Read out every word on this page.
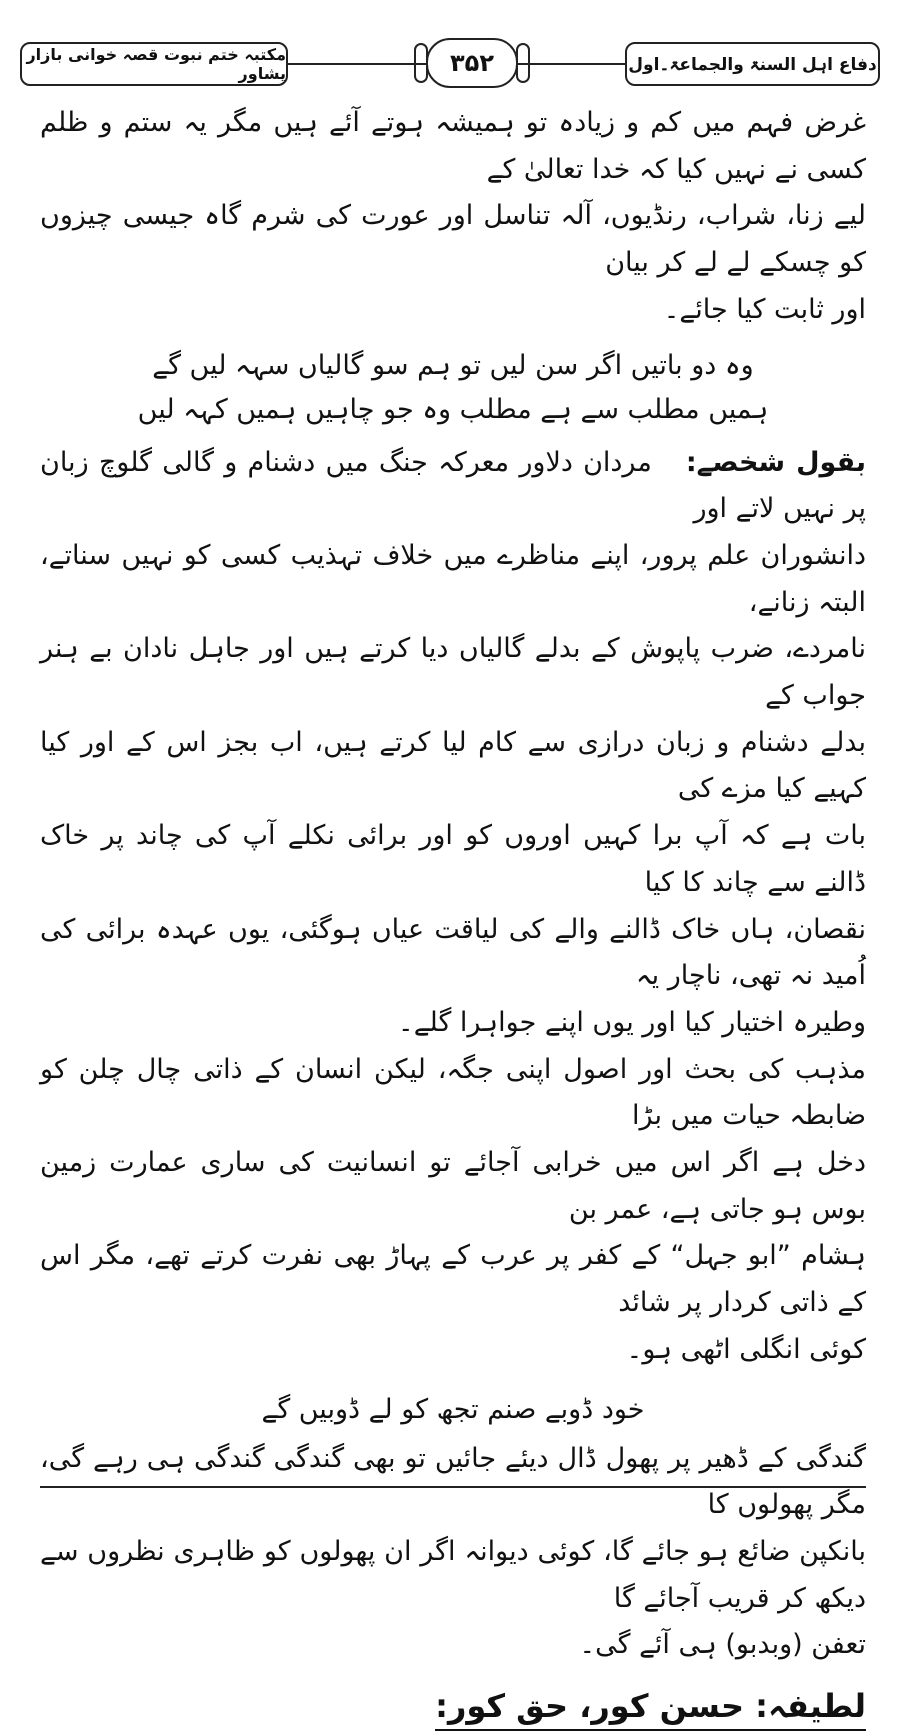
دفاع اہل السنۃ والجماعۃ۔اول
۳۵۲
مکتبہ ختم نبوت قصہ خوانی بازار پشاور

غرض فہم میں کم و زیادہ تو ہمیشہ ہوتے آئے ہیں مگر یہ ستم و ظلم کسی نے نہیں کیا کہ خدا تعالیٰ کے
لیے زنا، شراب، رنڈیوں، آلہ تناسل اور عورت کی شرم گاہ جیسی چیزوں کو چسکے لے لے کر بیان
اور ثابت کیا جائے۔

وہ دو باتیں اگر سن لیں تو ہم سو گالیاں سہہ لیں گے
ہمیں مطلب سے ہے مطلب وہ جو چاہیں ہمیں کہہ لیں

بقول شخصے:مردان دلاور معرکہ جنگ میں دشنام و گالی گلوچ زبان پر نہیں لاتے اور
دانشوران علم پرور، اپنے مناظرے میں خلاف تہذیب کسی کو نہیں سناتے، البتہ زنانے،
نامردے، ضرب پاپوش کے بدلے گالیاں دیا کرتے ہیں اور جاہل نادان بے ہنر جواب کے
بدلے دشنام و زبان درازی سے کام لیا کرتے ہیں، اب بجز اس کے اور کیا کہیے کیا مزے کی
بات ہے کہ آپ برا کہیں اوروں کو اور برائی نکلے آپ کی چاند پر خاک ڈالنے سے چاند کا کیا
نقصان، ہاں خاک ڈالنے والے کی لیاقت عیاں ہوگئی، یوں عہدہ برائی کی اُمید نہ تھی، ناچار یہ
وطیرہ اختیار کیا اور یوں اپنے جواہرا گلے۔

مذہب کی بحث اور اصول اپنی جگہ، لیکن انسان کے ذاتی چال چلن کو ضابطہ حیات میں بڑا
دخل ہے اگر اس میں خرابی آجائے تو انسانیت کی ساری عمارت زمین بوس ہو جاتی ہے، عمر بن
ہشام ”ابو جہل“ کے کفر پر عرب کے پہاڑ بھی نفرت کرتے تھے، مگر اس کے ذاتی کردار پر شائد
کوئی انگلی اٹھی ہو۔

خود ڈوبے صنم تجھ کو لے ڈوبیں گے

گندگی کے ڈھیر پر پھول ڈال دیئے جائیں تو بھی گندگی گندگی ہی رہے گی، مگر پھولوں کا
بانکپن ضائع ہو جائے گا، کوئی دیوانہ اگر ان پھولوں کو ظاہری نظروں سے دیکھ کر قریب آجائے گا
تعفن (وبدبو) ہی آئے گی۔

لطیفہ: حسن کور، حق کور:
